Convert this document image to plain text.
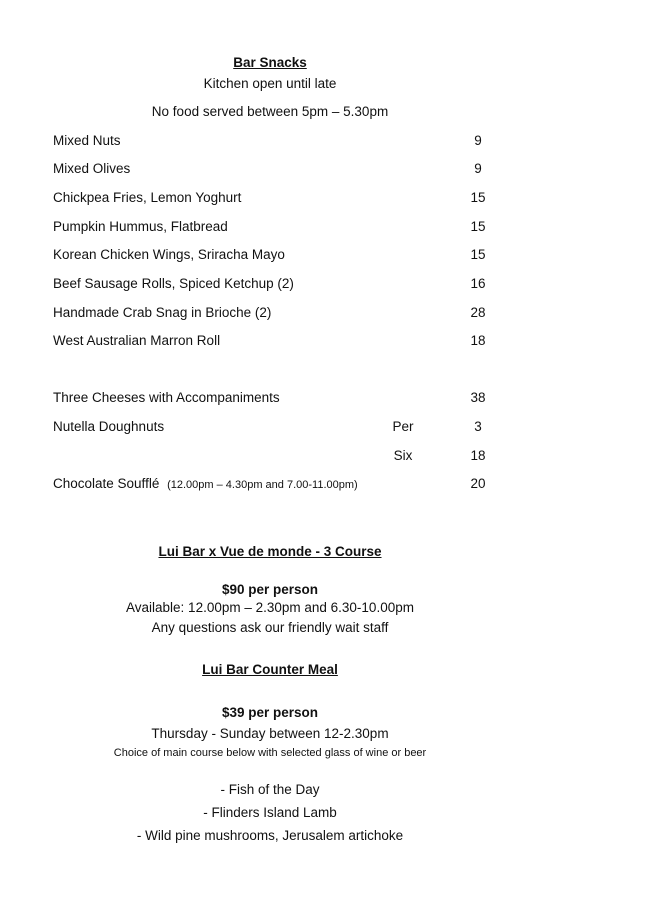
Bar Snacks
Kitchen open until late
No food served between 5pm – 5.30pm
Mixed Nuts	9
Mixed Olives	9
Chickpea Fries, Lemon Yoghurt	15
Pumpkin Hummus, Flatbread	15
Korean Chicken Wings, Sriracha Mayo	15
Beef Sausage Rolls, Spiced Ketchup (2)	16
Handmade Crab Snag in Brioche (2)	28
West Australian Marron Roll	18
Three Cheeses with Accompaniments	38
Nutella Doughnuts	Per	3
Six	18
Chocolate Soufflé (12.00pm – 4.30pm and 7.00-11.00pm)	20
Lui Bar x Vue de monde - 3 Course
$90 per person
Available: 12.00pm – 2.30pm and 6.30-10.00pm
Any questions ask our friendly wait staff
Lui Bar Counter Meal
$39 per person
Thursday - Sunday between 12-2.30pm
Choice of main course below with selected glass of wine or beer
- Fish of the Day
- Flinders Island Lamb
- Wild pine mushrooms, Jerusalem artichoke
